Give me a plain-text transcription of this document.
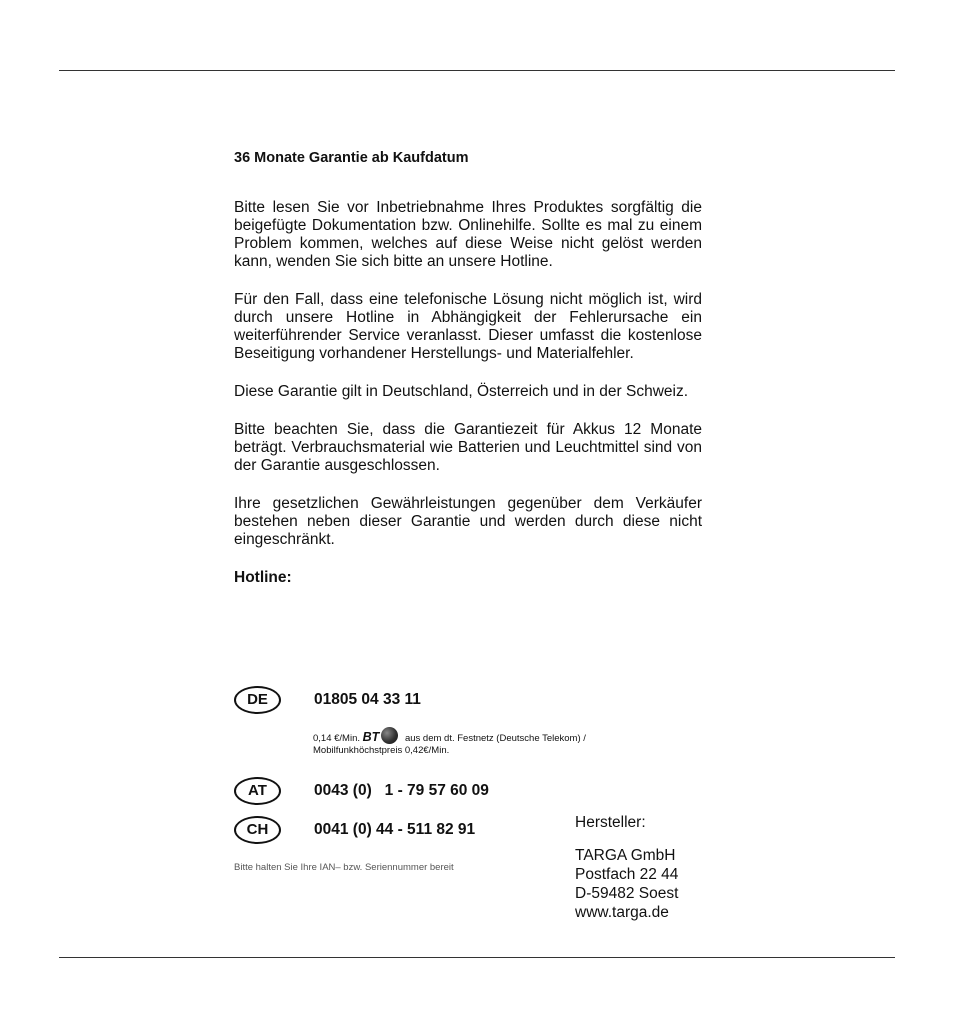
36 Monate Garantie ab Kaufdatum

Bitte lesen Sie vor Inbetriebnahme Ihres Produktes sorgfältig die beigefügte Dokumentation bzw. Onlinehilfe. Sollte es mal zu einem Problem kommen, welches auf diese Weise nicht gelöst werden kann, wenden Sie sich bitte an unsere Hotline.

Für den Fall, dass eine telefonische Lösung nicht möglich ist, wird durch unsere Hotline in Abhängigkeit der Fehlerursache ein weiterführender Service veranlasst. Dieser umfasst die kostenlose Beseitigung vorhandener Herstellungs- und Materialfehler.

Diese Garantie gilt in Deutschland, Österreich und in der Schweiz.

Bitte beachten Sie, dass die Garantiezeit für Akkus 12 Monate beträgt. Verbrauchsmaterial wie Batterien und Leuchtmittel sind von der Garantie ausgeschlossen.

Ihre gesetzlichen Gewährleistungen gegenüber dem Verkäufer bestehen neben dieser Garantie und werden durch diese nicht eingeschränkt.

Hotline:
DE	01805 04 33 11
0,14 €/Min. BT	aus dem dt. Festnetz (Deutsche Telekom) /
Mobilfunkhöchstpreis 0,42€/Min.
AT	0043 (0)   1 - 79 57 60 09
CH	0041 (0) 44 - 511 82 91
Bitte halten Sie Ihre IAN– bzw. Seriennummer bereit
Hersteller:
TARGA GmbH
Postfach 22 44
D-59482 Soest
www.targa.de
